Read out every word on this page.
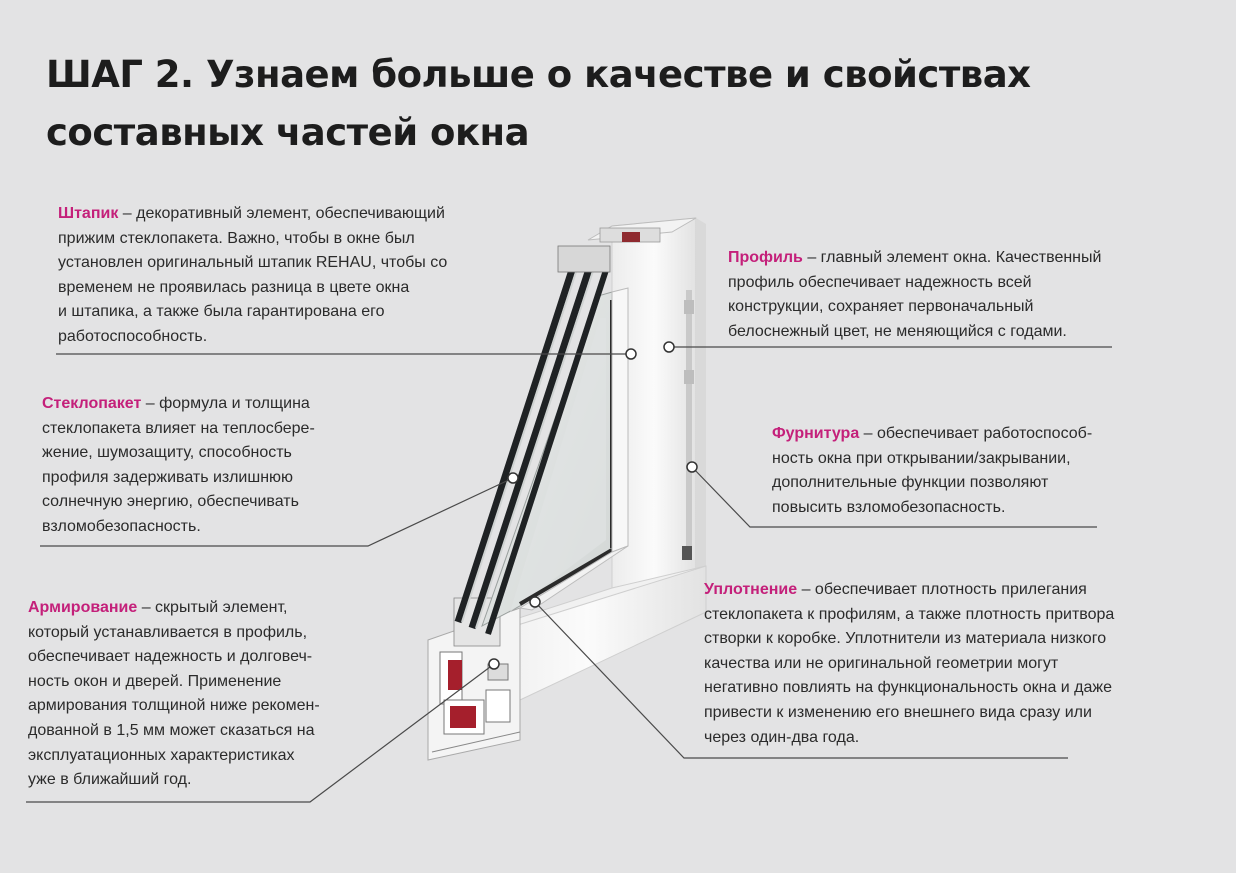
ШАГ 2. Узнаем больше о качестве и свойствах
составных частей окна
Штапик – декоративный элемент, обеспечивающий
прижим стеклопакета. Важно, чтобы в окне был
установлен оригинальный штапик REHAU, чтобы со
временем не проявилась разница в цвете окна
и штапика, а также была гарантирована его
работоспособность.
Стеклопакет – формула и толщина
стеклопакета влияет на теплосбере-
жение, шумозащиту, способность
профиля задерживать излишнюю
солнечную энергию, обеспечивать
взломобезопасность.
Армирование – скрытый элемент,
который устанавливается в профиль,
обеспечивает надежность и долговеч-
ность окон и дверей. Применение
армирования толщиной ниже рекомен-
дованной в 1,5 мм может сказаться на
эксплуатационных характеристиках
уже в ближайший год.
Профиль – главный элемент окна. Качественный
профиль обеспечивает надежность всей
конструкции, сохраняет первоначальный
белоснежный цвет, не меняющийся с годами.
Фурнитура – обеспечивает работоспособ-
ность окна при открывании/закрывании,
дополнительные функции позволяют
повысить взломобезопасность.
Уплотнение – обеспечивает плотность прилегания
стеклопакета к профилям, а также плотность притвора
створки к коробке. Уплотнители из материала низкого
качества или не оригинальной геометрии могут
негативно повлиять на функциональность окна и даже
привести к изменению его внешнего вида сразу или
через один-два года.
